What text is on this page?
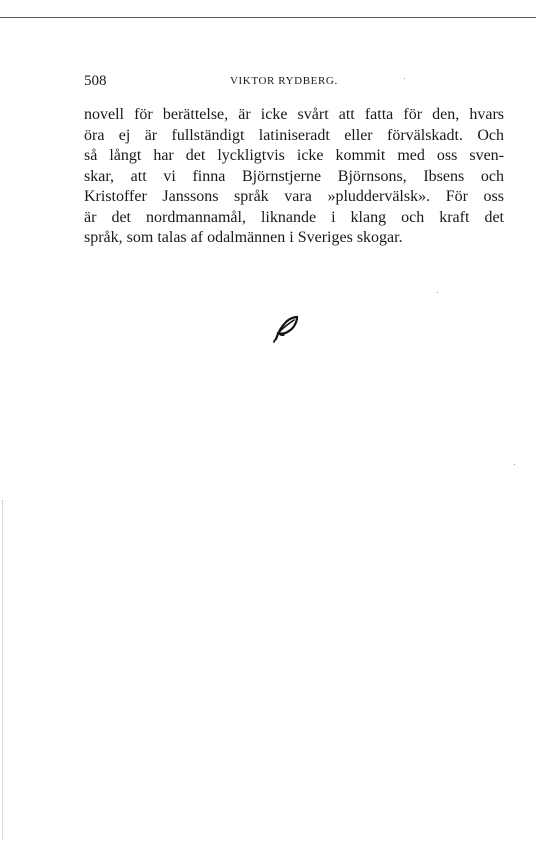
508	VIKTOR RYDBERG.
novell för berättelse, är icke svårt att fatta för den, hvars
öra ej är fullständigt latiniseradt eller förvälskadt. Och
så långt har det lyckligtvis icke kommit med oss sven-
skar, att vi finna Björnstjerne Björnsons, Ibsens och
Kristoffer Janssons språk vara »pluddervälsk». För oss
är det nordmannamål, liknande i klang och kraft det
språk, som talas af odalmännen i Sveriges skogar.
